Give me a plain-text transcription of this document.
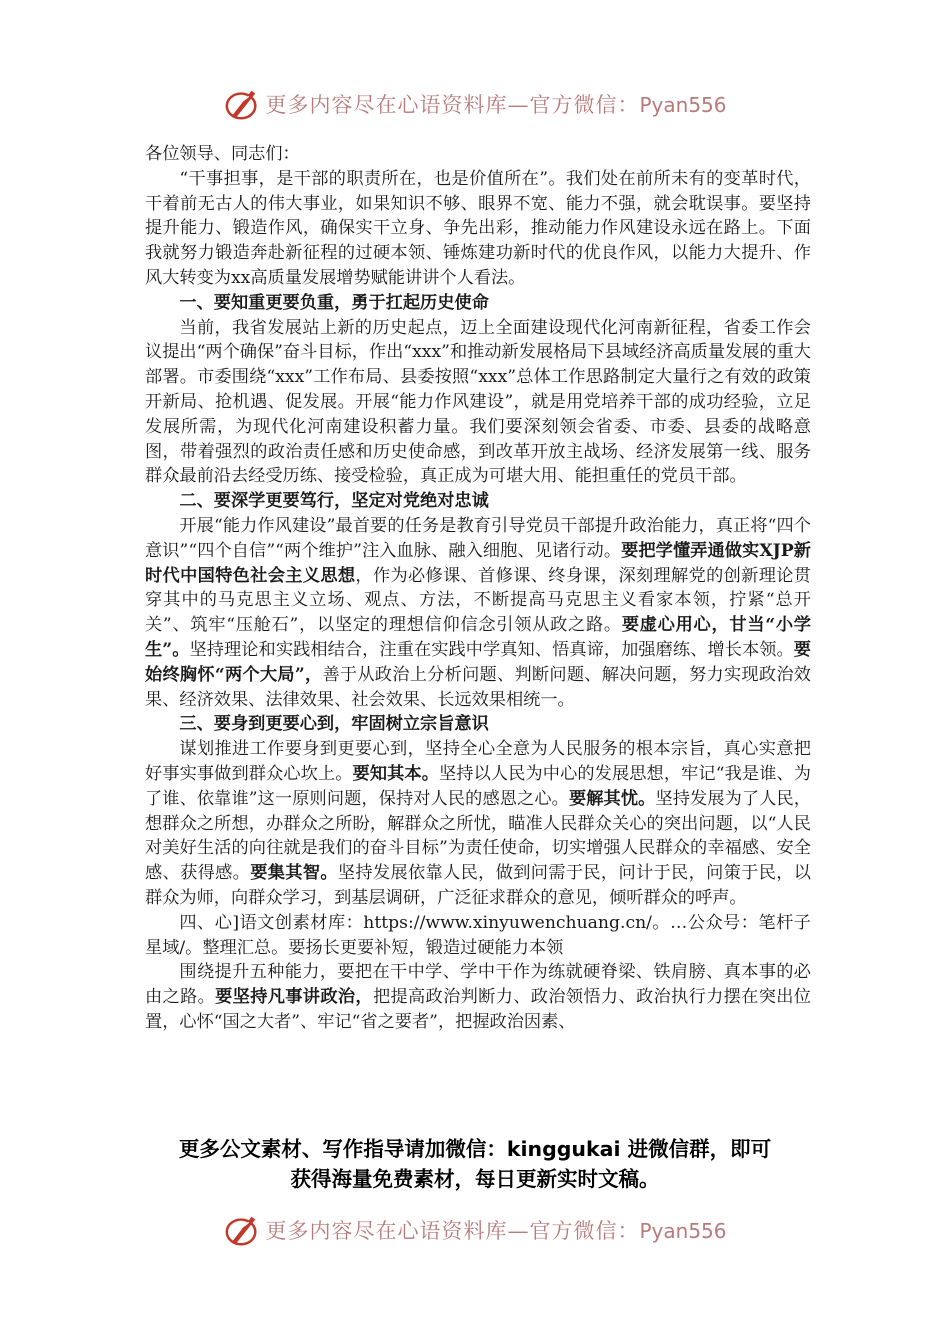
更多内容尽在心语资料库—官方微信：Pyan556

各位领导、同志们：

“干事担事，是干部的职责所在，也是价值所在”。我们处在前所未有的变革时代，干着前无古人的伟大事业，如果知识不够、眼界不宽、能力不强，就会耽误事。要坚持提升能力、锻造作风，确保实干立身、争先出彩，推动能力作风建设永远在路上。下面我就努力锻造奔赴新征程的过硬本领、锤炼建功新时代的优良作风，以能力大提升、作风大转变为xx高质量发展增势赋能讲讲个人看法。

一、要知重更要负重，勇于扛起历史使命

当前，我省发展站上新的历史起点，迈上全面建设现代化河南新征程，省委工作会议提出“两个确保”奋斗目标，作出“xxx”和推动新发展格局下县域经济高质量发展的重大部署。市委围绕“xxx”工作布局、县委按照“xxx”总体工作思路制定大量行之有效的政策开新局、抢机遇、促发展。开展“能力作风建设”，就是用党培养干部的成功经验，立足发展所需，为现代化河南建设积蓄力量。我们要深刻领会省委、市委、县委的战略意图，带着强烈的政治责任感和历史使命感，到改革开放主战场、经济发展第一线、服务群众最前沿去经受历练、接受检验，真正成为可堪大用、能担重任的党员干部。

二、要深学更要笃行，坚定对党绝对忠诚

开展“能力作风建设”最首要的任务是教育引导党员干部提升政治能力，真正将“四个意识”“四个自信”“两个维护”注入血脉、融入细胞、见诸行动。要把学懂弄通做实XJP新时代中国特色社会主义思想，作为必修课、首修课、终身课，深刻理解党的创新理论贯穿其中的马克思主义立场、观点、方法，不断提高马克思主义看家本领，拧紧“总开关”、筑牢“压舱石”，以坚定的理想信仰信念引领从政之路。要虚心用心，甘当“小学生”。坚持理论和实践相结合，注重在实践中学真知、悟真谛，加强磨练、增长本领。要始终胸怀“两个大局”，善于从政治上分析问题、判断问题、解决问题，努力实现政治效果、经济效果、法律效果、社会效果、长远效果相统一。

三、要身到更要心到，牢固树立宗旨意识

谋划推进工作要身到更要心到，坚持全心全意为人民服务的根本宗旨，真心实意把好事实事做到群众心坎上。要知其本。坚持以人民为中心的发展思想，牢记“我是谁、为了谁、依靠谁”这一原则问题，保持对人民的感恩之心。要解其忧。坚持发展为了人民，想群众之所想，办群众之所盼，解群众之所忧，瞄准人民群众关心的突出问题，以“人民对美好生活的向往就是我们的奋斗目标”为责任使命，切实增强人民群众的幸福感、安全感、获得感。要集其智。坚持发展依靠人民，做到问需于民，问计于民，问策于民，以群众为师，向群众学习，到基层调研，广泛征求群众的意见，倾听群众的呼声。

四、心]语文创素材库：https://www.xinyuwenchuang.cn/。…公众号：笔杆子星域/。整理汇总。要扬长更要补短，锻造过硬能力本领

围绕提升五种能力，要把在干中学、学中干作为练就硬脊梁、铁肩膀、真本事的必由之路。要坚持凡事讲政治，把提高政治判断力、政治领悟力、政治执行力摆在突出位置，心怀“国之大者”、牢记“省之要者”，把握政治因素、

更多公文素材、写作指导请加微信：kinggukai 进微信群，即可
获得海量免费素材，每日更新实时文稿。
更多内容尽在心语资料库—官方微信：Pyan556
